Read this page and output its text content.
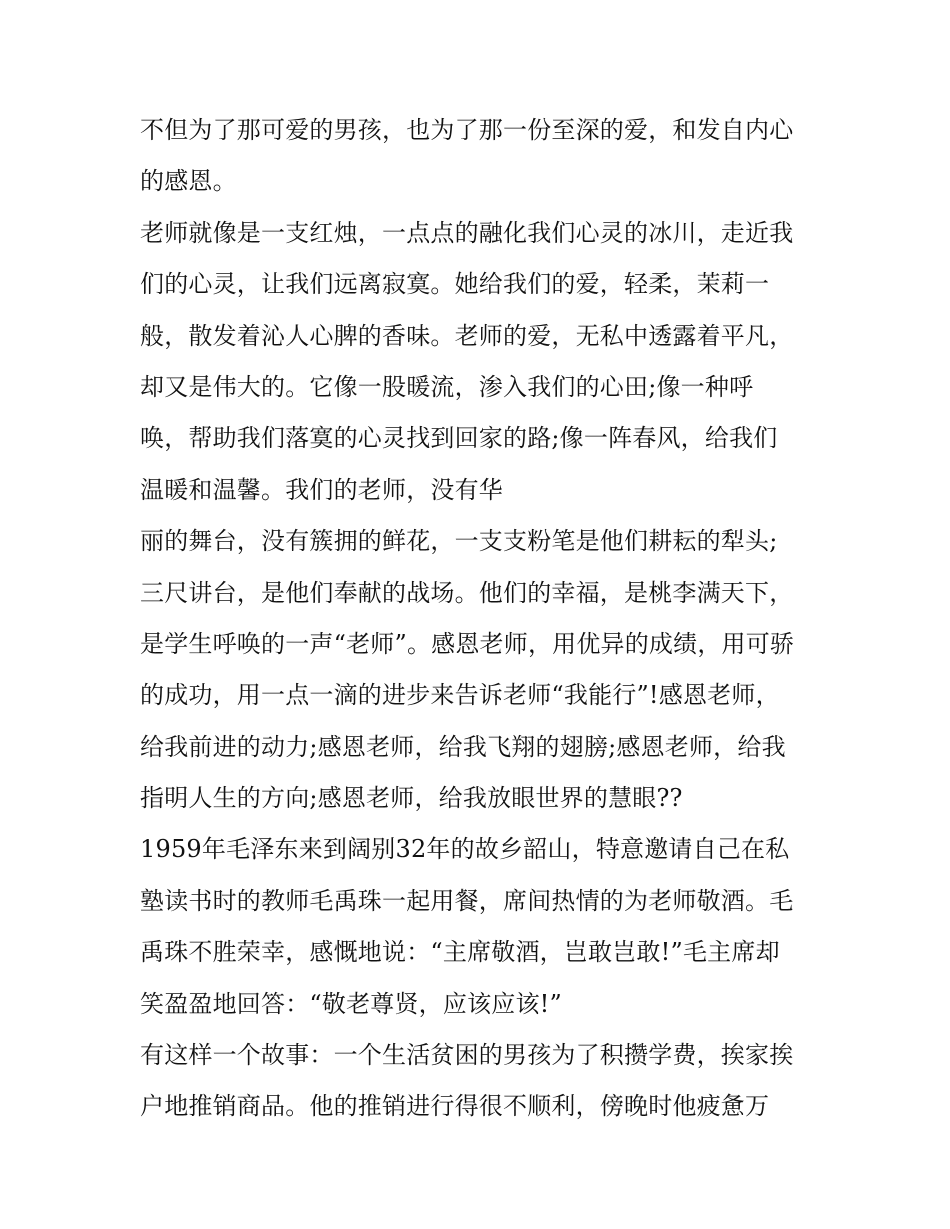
不但为了那可爱的男孩，也为了那一份至深的爱，和发自内心
的感恩。
老师就像是一支红烛，一点点的融化我们心灵的冰川，走近我
们的心灵，让我们远离寂寞。她给我们的爱，轻柔，茉莉一
般，散发着沁人心脾的香味。老师的爱，无私中透露着平凡，
却又是伟大的。它像一股暖流，渗入我们的心田;像一种呼
唤，帮助我们落寞的心灵找到回家的路;像一阵春风，给我们
温暖和温馨。我们的老师，没有华
丽的舞台，没有簇拥的鲜花，一支支粉笔是他们耕耘的犁头;
三尺讲台，是他们奉献的战场。他们的幸福，是桃李满天下，
是学生呼唤的一声“老师”。感恩老师，用优异的成绩，用可骄
的成功，用一点一滴的进步来告诉老师“我能行”!感恩老师，
给我前进的动力;感恩老师，给我飞翔的翅膀;感恩老师，给我
指明人生的方向;感恩老师，给我放眼世界的慧眼??
1959年毛泽东来到阔别32年的故乡韶山，特意邀请自己在私
塾读书时的教师毛禹珠一起用餐，席间热情的为老师敬酒。毛
禹珠不胜荣幸，感慨地说：“主席敬酒，岂敢岂敢!”毛主席却
笑盈盈地回答：“敬老尊贤，应该应该!”
有这样一个故事：一个生活贫困的男孩为了积攒学费，挨家挨
户地推销商品。他的推销进行得很不顺利，傍晚时他疲惫万
